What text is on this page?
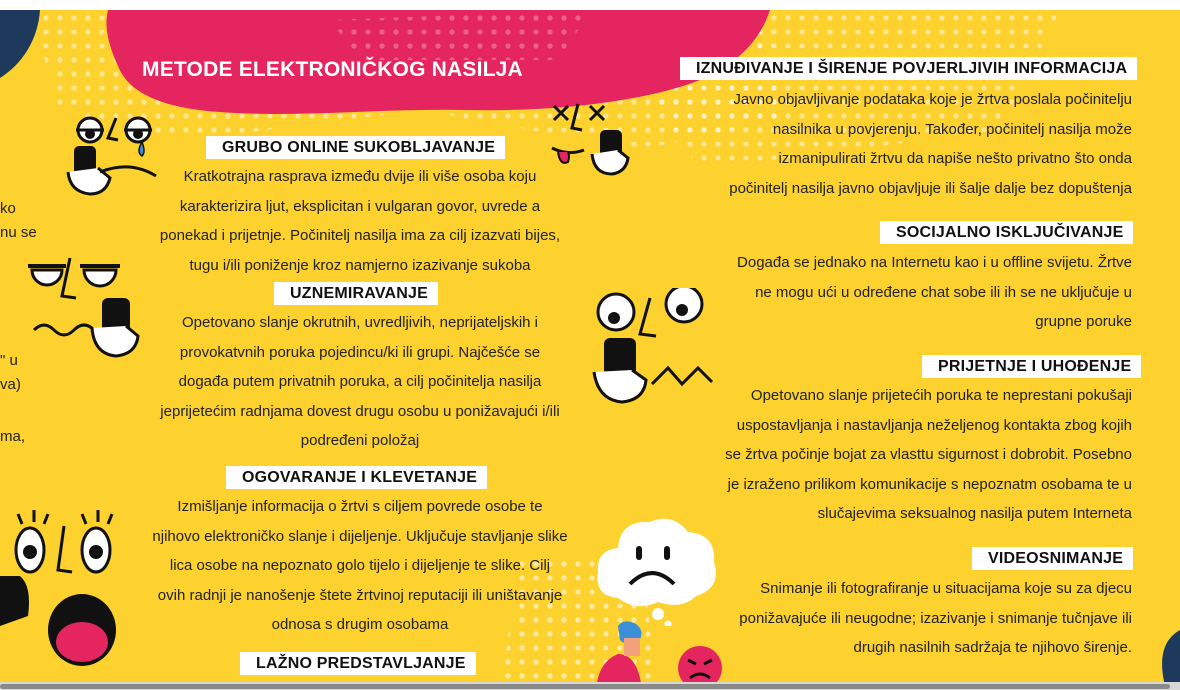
METODE ELEKTRONIČKOG NASILJA
ko
nu se
" u
va)
ma,
GRUBO ONLINE SUKOBLJAVANJE
Kratkotrajna rasprava između dvije ili više osoba koju
karakterizira ljut, eksplicitan i vulgaran govor, uvrede a
ponekad i prijetnje. Počinitelj nasilja ima za cilj izazvati bijes,
tugu i/ili poniženje kroz namjerno izazivanje sukoba
UZNEMIRAVANJE
Opetovano slanje okrutnih, uvredljivih, neprijateljskih i
provokatvnih poruka pojedincu/ki ili grupi. Najčešće se
događa putem privatnih poruka, a cilj počinitelja nasilja
jeprijetećim radnjama dovest drugu osobu u ponižavajući i/ili
podređeni položaj
OGOVARANJE I KLEVETANJE
Izmišljanje informacija o žrtvi s ciljem povrede osobe te
njihovo elektroničko slanje i dijeljenje. Uključuje stavljanje slike
lica osobe na nepoznato golo tijelo i dijeljenje te slike. Cilj
ovih radnji je nanošenje štete žrtvinoj reputaciji ili uništavanje
odnosa s drugim osobama
LAŽNO PREDSTAVLJANJE
IZNUĐIVANJE I ŠIRENJE POVJERLJIVIH INFORMACIJA
Javno objavljivanje podataka koje je žrtva poslala počinitelju
nasilnika u povjerenju. Također, počinitelj nasilja može
izmanipulirati žrtvu da napiše nešto privatno što onda
počinitelj nasilja javno objavljuje ili šalje dalje bez dopuštenja
SOCIJALNO ISKLJUČIVANJE
Događa se jednako na Internetu kao i u offline svijetu. Žrtve
ne mogu ući u određene chat sobe ili ih se ne uključuje u
grupne poruke
PRIJETNJE I UHOĐENJE
Opetovano slanje prijetećih poruka te neprestani pokušaji
uspostavljanja i nastavljanja neželjenog kontakta zbog kojih
se žrtva počinje bojat za vlasttu sigurnost i dobrobit. Posebno
je izraženo prilikom komunikacije s nepoznatm osobama te u
slučajevima seksualnog nasilja putem Interneta
VIDEOSNIMANJE
Snimanje ili fotografiranje u situacijama koje su za djecu
ponižavajuće ili neugodne; izazivanje i snimanje tučnjave ili
drugih nasilnih sadržaja te njihovo širenje.
